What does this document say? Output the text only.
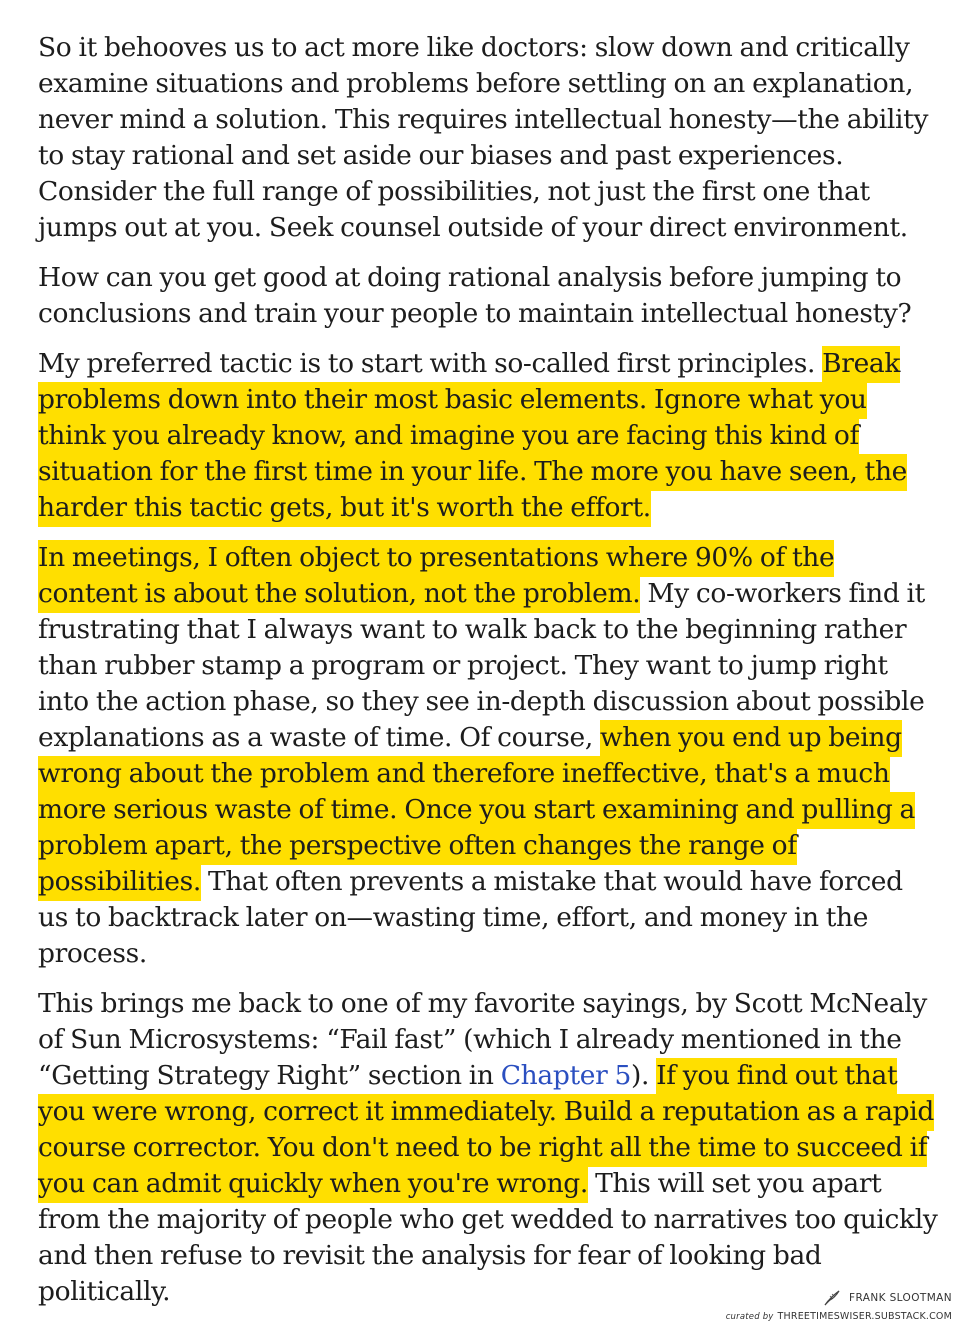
So it behooves us to act more like doctors: slow down and critically examine situations and problems before settling on an explanation, never mind a solution. This requires intellectual honesty—the ability to stay rational and set aside our biases and past experiences. Consider the full range of possibilities, not just the first one that jumps out at you. Seek counsel outside of your direct environment.

How can you get good at doing rational analysis before jumping to conclusions and train your people to maintain intellectual honesty?

My preferred tactic is to start with so-called first principles. Break problems down into their most basic elements. Ignore what you think you already know, and imagine you are facing this kind of situation for the first time in your life. The more you have seen, the harder this tactic gets, but it's worth the effort.

In meetings, I often object to presentations where 90% of the content is about the solution, not the problem. My co-workers find it frustrating that I always want to walk back to the beginning rather than rubber stamp a program or project. They want to jump right into the action phase, so they see in-depth discussion about possible explanations as a waste of time. Of course, when you end up being wrong about the problem and therefore ineffective, that's a much more serious waste of time. Once you start examining and pulling a problem apart, the perspective often changes the range of possibilities. That often prevents a mistake that would have forced us to backtrack later on—wasting time, effort, and money in the process.

This brings me back to one of my favorite sayings, by Scott McNealy of Sun Microsystems: “Fail fast” (which I already mentioned in the “Getting Strategy Right” section in Chapter 5). If you find out that you were wrong, correct it immediately. Build a reputation as a rapid course corrector. You don't need to be right all the time to succeed if you can admit quickly when you're wrong. This will set you apart from the majority of people who get wedded to narratives too quickly and then refuse to revisit the analysis for fear of looking bad politically.	FRANK SLOOTMAN
curated by THREETIMESWISER.SUBSTACK.COM
